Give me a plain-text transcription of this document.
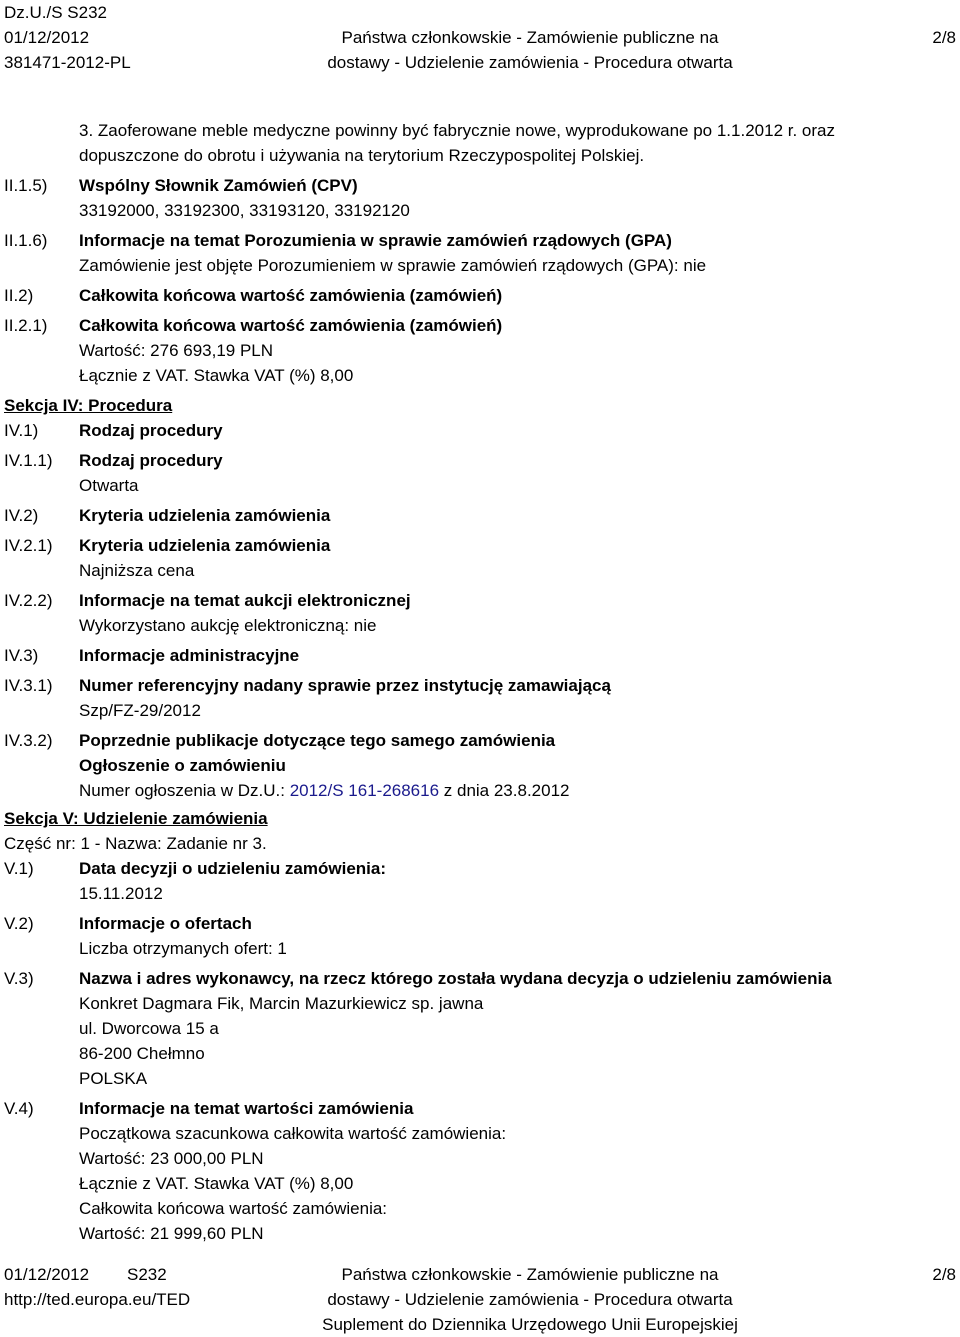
Dz.U./S S232
01/12/2012
381471-2012-PL
Państwa członkowskie - Zamówienie publiczne na
dostawy - Udzielenie zamówienia - Procedura otwarta
2/8
3. Zaoferowane meble medyczne powinny być fabrycznie nowe, wyprodukowane po 1.1.2012 r. oraz
dopuszczone do obrotu i używania na terytorium Rzeczypospolitej Polskiej.
II.1.5) Wspólny Słownik Zamówień (CPV)
33192000, 33192300, 33193120, 33192120
II.1.6) Informacje na temat Porozumienia w sprawie zamówień rządowych (GPA)
Zamówienie jest objęte Porozumieniem w sprawie zamówień rządowych (GPA): nie
II.2)	Całkowita końcowa wartość zamówienia (zamówień)
II.2.1) Całkowita końcowa wartość zamówienia (zamówień)
Wartość: 276 693,19 PLN
Łącznie z VAT. Stawka VAT (%) 8,00
Sekcja IV: Procedura
IV.1) Rodzaj procedury
IV.1.1) Rodzaj procedury
Otwarta
IV.2) Kryteria udzielenia zamówienia
IV.2.1) Kryteria udzielenia zamówienia
Najniższa cena
IV.2.2) Informacje na temat aukcji elektronicznej
Wykorzystano aukcję elektroniczną: nie
IV.3) Informacje administracyjne
IV.3.1) Numer referencyjny nadany sprawie przez instytucję zamawiającą
Szp/FZ-29/2012
IV.3.2) Poprzednie publikacje dotyczące tego samego zamówienia
Ogłoszenie o zamówieniu
Numer ogłoszenia w Dz.U.: 2012/S 161-268616 z dnia 23.8.2012
Sekcja V: Udzielenie zamówienia
Część nr: 1 - Nazwa: Zadanie nr 3.
V.1)	Data decyzji o udzieleniu zamówienia:
15.11.2012
V.2)	Informacje o ofertach
Liczba otrzymanych ofert: 1
V.3)	Nazwa i adres wykonawcy, na rzecz którego została wydana decyzja o udzieleniu zamówienia
Konkret Dagmara Fik, Marcin Mazurkiewicz sp. jawna
ul. Dworcowa 15 a
86-200 Chełmno
POLSKA
V.4)	Informacje na temat wartości zamówienia
Początkowa szacunkowa całkowita wartość zamówienia:
Wartość: 23 000,00 PLN
Łącznie z VAT. Stawka VAT (%) 8,00
Całkowita końcowa wartość zamówienia:
Wartość: 21 999,60 PLN
01/12/2012 S232
http://ted.europa.eu/TED
Państwa członkowskie - Zamówienie publiczne na
dostawy - Udzielenie zamówienia - Procedura otwarta
Suplement do Dziennika Urzędowego Unii Europejskiej
2/8
